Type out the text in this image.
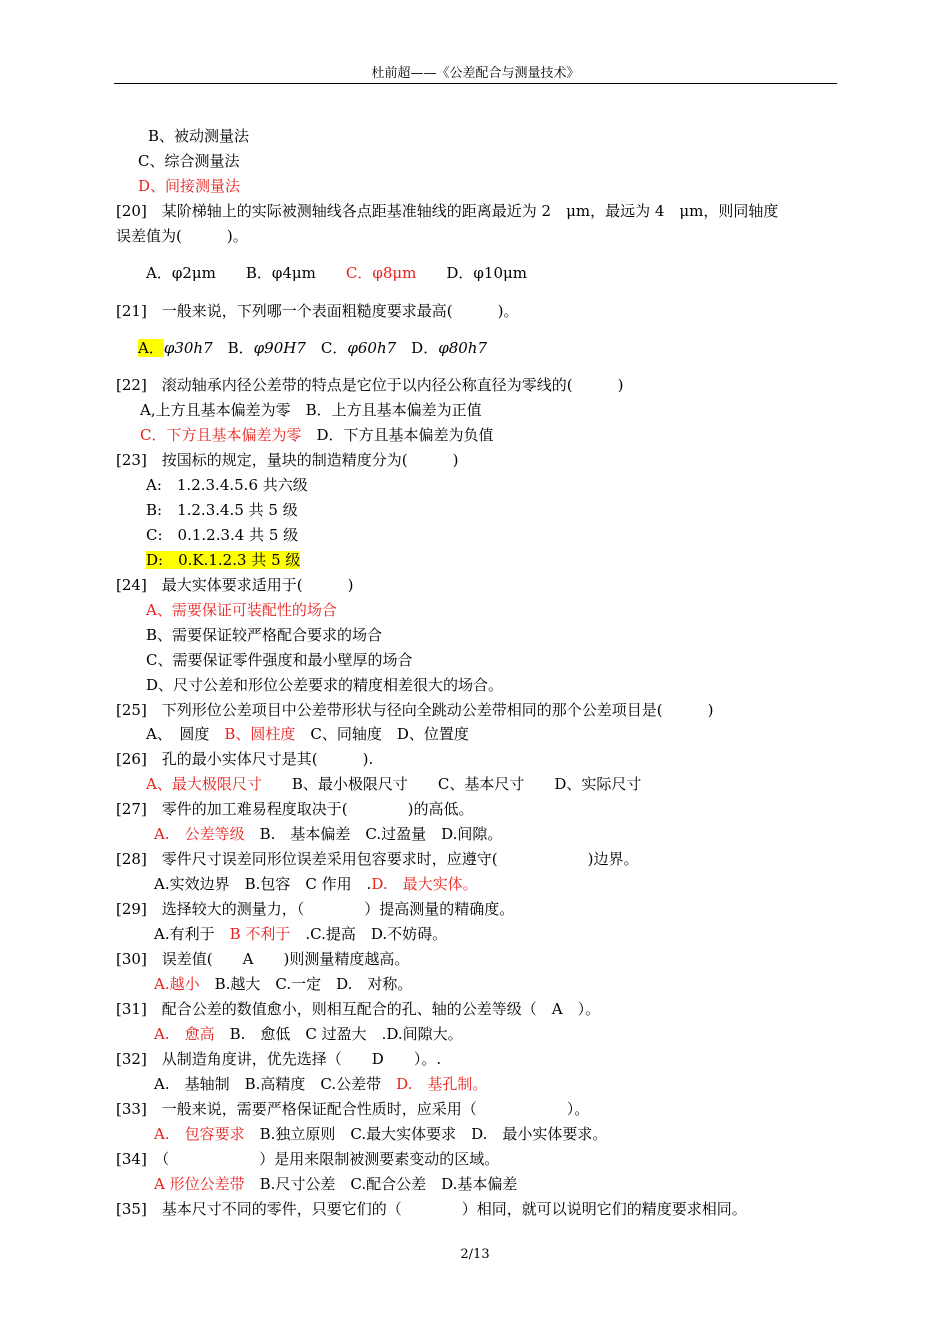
杜前超——《公差配合与测量技术》
B、被动测量法
C、综合测量法
D、间接测量法
[20]　某阶梯轴上的实际被测轴线各点距基准轴线的距离最近为 2　μm，最远为 4　μm，则同轴度
误差值为(　　　)。
A．φ2μm　　B．φ4μm　　C．φ8μm　　D．φ10μm
[21]　一般来说，下列哪一个表面粗糙度要求最高(　　　)。
A．φ30h7　B．φ90H7　C．φ60h7　D．φ80h7
[22]　滚动轴承内径公差带的特点是它位于以内径公称直径为零线的(　　　)
A,上方且基本偏差为零　B．上方且基本偏差为正值
C．下方且基本偏差为零　D．下方且基本偏差为负值
[23]　按国标的规定，量块的制造精度分为(　　　)
A:　1.2.3.4.5.6 共六级
B:　1.2.3.4.5 共 5 级
C:　0.1.2.3.4 共 5 级
D:　0.K.1.2.3 共 5 级
[24]　最大实体要求适用于(　　　)
A、需要保证可装配性的场合
B、需要保证较严格配合要求的场合
C、需要保证零件强度和最小壁厚的场合
D、尺寸公差和形位公差要求的精度相差很大的场合。
[25]　下列形位公差项目中公差带形状与径向全跳动公差带相同的那个公差项目是(　　　)
A、　圆度　B、圆柱度　C、同轴度　D、位置度
[26]　孔的最小实体尺寸是其(　　　).
A、最大极限尺寸　　B、最小极限尺寸　　C、基本尺寸　　D、实际尺寸
[27]　零件的加工难易程度取决于(　　　　)的高低。
A.　公差等级　B.　基本偏差　C.过盈量　D.间隙。
[28]　零件尺寸误差同形位误差采用包容要求时，应遵守(　　　　　　)边界。
A.实效边界　B.包容　C 作用　.D.　最大实体。
[29]　选择较大的测量力，（　　　　）提高测量的精确度。
A.有利于　B 不利于　.C.提高　D.不妨碍。
[30]　误差值(　　A　　)则测量精度越高。
A.越小　B.越大　C.一定　D.　对称。
[31]　配合公差的数值愈小，则相互配合的孔、轴的公差等级（　A　）。
A.　愈高　B.　愈低　C 过盈大　.D.间隙大。
[32]　从制造角度讲，优先选择（　　D　　）。.
A.　基轴制　B.高精度　C.公差带　D.　基孔制。
[33]　一般来说，需要严格保证配合性质时，应采用（　　　　　　）。
A.　包容要求　B.独立原则　C.最大实体要求　D.　最小实体要求。
[34]　（　　　　　　）是用来限制被测要素变动的区域。
A 形位公差带　B.尺寸公差　C.配合公差　D.基本偏差
[35]　基本尺寸不同的零件，只要它们的（　　　　）相同，就可以说明它们的精度要求相同。
2/13
